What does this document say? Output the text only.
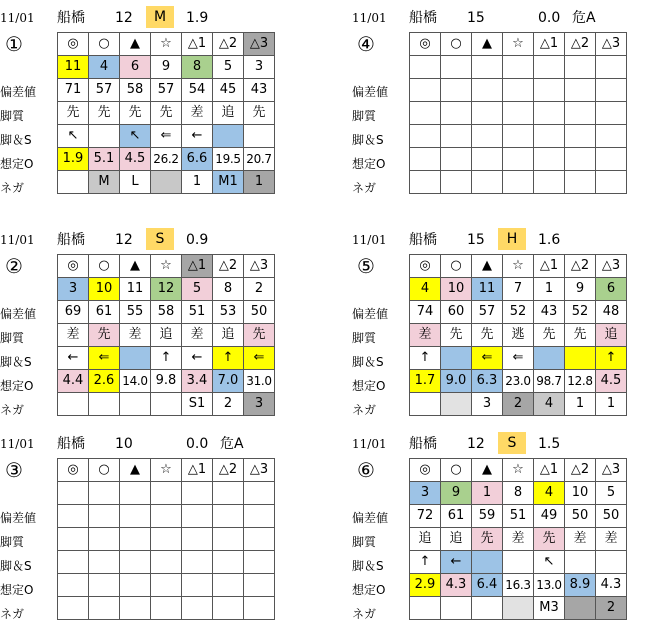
11/01 船橋 12	M	1.9
①
偏差値
脚質
脚＆S
想定O
ネガ
◎	○	▲	☆	△1	△2	△3
11	4	6	9	8	5	3
71	57	58	57	54	45	43
先	先	先	先	差	追	先
↖		↖	⇐	←		
1.9	5.1	4.5	26.2	6.6	19.5	20.7
	M	L		1	M1	1
11/01 船橋 15	0.0 危A
④
偏差値
脚質
脚＆S
想定O
ネガ
◎	○	▲	☆	△1	△2	△3

11/01 船橋 12	S	0.9
②
偏差値
脚質
脚＆S
想定O
ネガ
◎	○	▲	☆	△1	△2	△3
3	10	11	12	5	8	2
69	61	55	58	51	53	50
差	先	差	追	差	追	先
←	⇐		↑	←	↑	⇐
4.4	2.6	14.0	9.8	3.4	7.0	31.0
				S1	2	3
11/01 船橋 15	H	1.6
⑤
偏差値
脚質
脚＆S
想定O
ネガ
◎	○	▲	☆	△1	△2	△3
4	10	11	7	1	9	6
74	60	57	52	43	52	48
差	先	先	逃	先	先	追
↑		⇐	⇐			↑
1.7	9.0	6.3	23.0	98.7	12.8	4.5
		3	2	4	1	1
11/01 船橋 10	0.0 危A
③
偏差値
脚質
脚＆S
想定O
ネガ
◎	○	▲	☆	△1	△2	△3

11/01 船橋 12	S	1.5
⑥
偏差値
脚質
脚＆S
想定O
ネガ
◎	○	▲	☆	△1	△2	△3
3	9	1	8	4	10	5
72	61	59	51	49	50	50
追	追	先	差	先	差	差
↑	←			↖		
2.9	4.3	6.4	16.3	13.0	8.9	4.3
				M3		2
